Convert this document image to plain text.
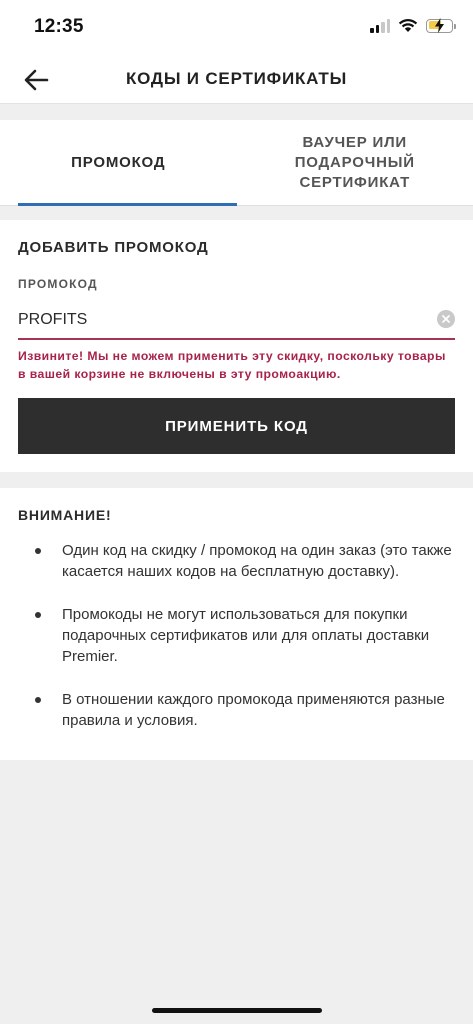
12:35
КОДЫ И СЕРТИФИКАТЫ
ПРОМОКОД
ВАУЧЕР ИЛИ
ПОДАРОЧНЫЙ
СЕРТИФИКАТ
ДОБАВИТЬ ПРОМОКОД
ПРОМОКОД
PROFITS
Извините! Мы не можем применить эту скидку, поскольку товары в вашей корзине не включены в эту промоакцию.
ПРИМЕНИТЬ КОД
ВНИМАНИЕ!
Один код на скидку / промокод на один заказ (это также касается наших кодов на бесплатную доставку).
Промокоды не могут использоваться для покупки подарочных сертификатов или для оплаты доставки Premier.
В отношении каждого промокода применяются разные правила и условия.
